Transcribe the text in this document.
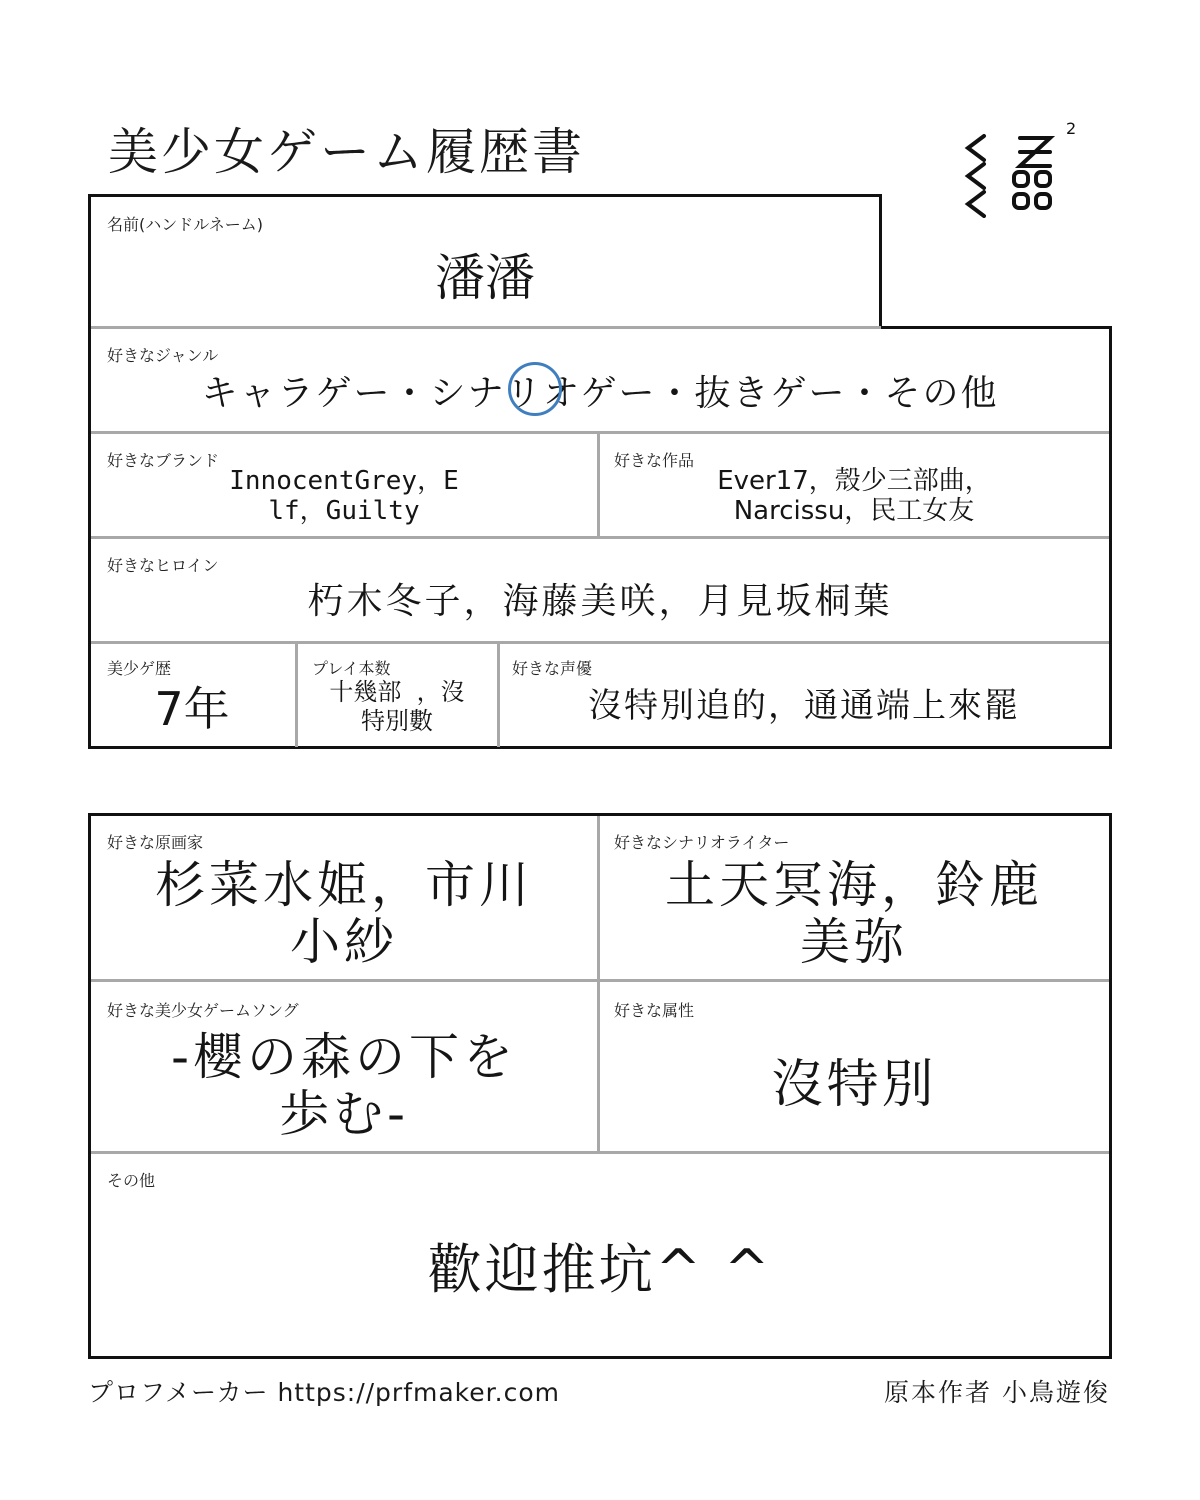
美少女ゲーム履歴書	2
名前(ハンドルネーム)
潘潘
好きなジャンル
キャラゲー・シナリオゲー・抜きゲー・その他
好きなブランド
InnocentGrey，E
lf，Guilty
好きな作品
Ever17，殼少三部曲，
Narcissu，民工女友
好きなヒロイン
朽木冬子，海藤美咲，月見坂桐葉
美少ゲ歴
7年
プレイ本数
十幾部  ，沒
特別數
好きな声優
沒特別追的，通通端上來罷
好きな原画家
杉菜水姫，市川
小紗
好きなシナリオライター
土天冥海，鈴鹿
美弥
好きな美少女ゲームソング
-櫻の森の下を
歩む-
好きな属性
沒特別
その他
歡迎推坑^ ^
プロフメーカー https://prfmaker.com	原本作者 小鳥遊俊
